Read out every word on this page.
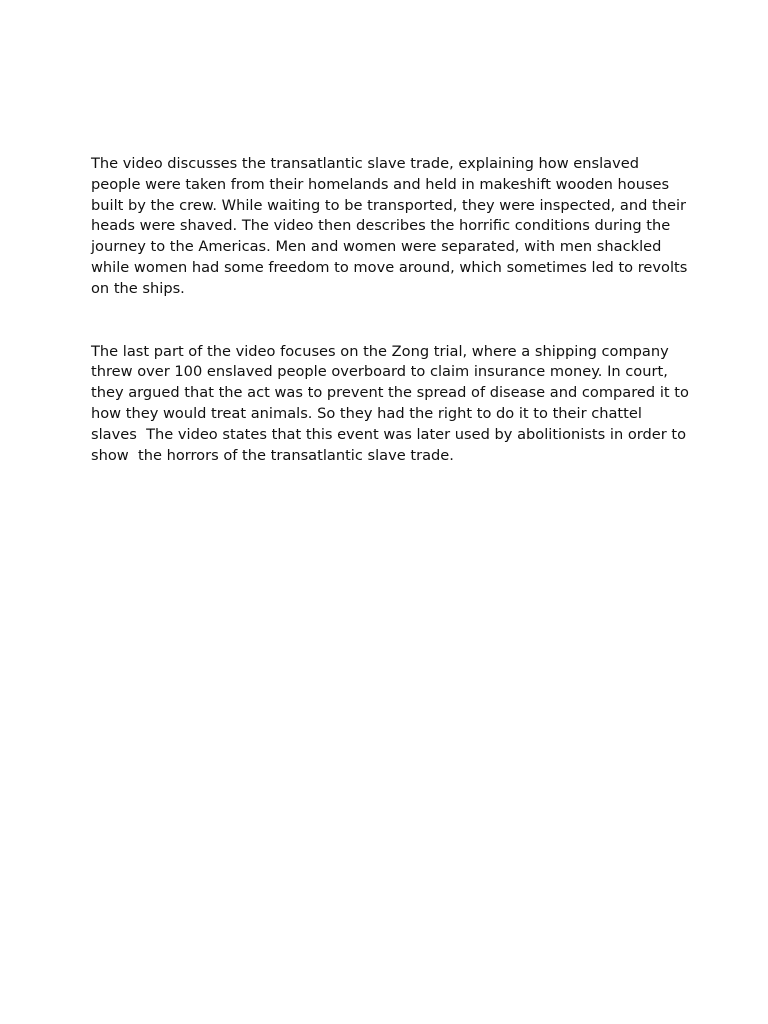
The video discusses the transatlantic slave trade, explaining how enslaved people were taken from their homelands and held in makeshift wooden houses built by the crew. While waiting to be transported, they were inspected, and their heads were shaved. The video then describes the horrific conditions during the journey to the Americas. Men and women were separated, with men shackled while women had some freedom to move around, which sometimes led to revolts on the ships.

The last part of the video focuses on the Zong trial, where a shipping company threw over 100 enslaved people overboard to claim insurance money. In court, they argued that the act was to prevent the spread of disease and compared it to how they would treat animals. So they had the right to do it to their chattel slaves  The video states that this event was later used by abolitionists in order to show  the horrors of the transatlantic slave trade.
